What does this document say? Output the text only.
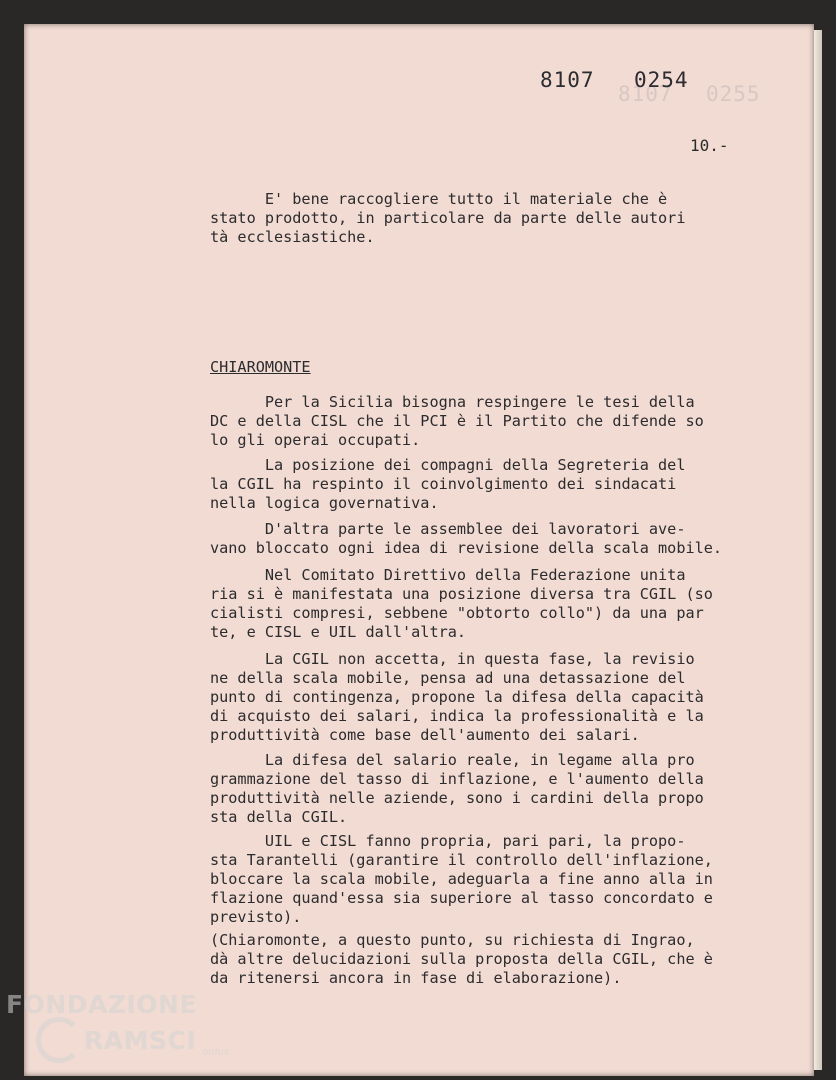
8107 0255
8107 0254
10.-
E' bene raccogliere tutto il materiale che è
stato prodotto, in particolare da parte delle autori
tà ecclesiastiche.
CHIAROMONTE
Per la Sicilia bisogna respingere le tesi della
DC e della CISL che il PCI è il Partito che difende so
lo gli operai occupati.
La posizione dei compagni della Segreteria del
la CGIL ha respinto il coinvolgimento dei sindacati
nella logica governativa.
D'altra parte le assemblee dei lavoratori ave-
vano bloccato ogni idea di revisione della scala mobile.
Nel Comitato Direttivo della Federazione unita
ria si è manifestata una posizione diversa tra CGIL (so
cialisti compresi, sebbene "obtorto collo") da una par
te, e CISL e UIL dall'altra.
La CGIL non accetta, in questa fase, la revisio
ne della scala mobile, pensa ad una detassazione del
punto di contingenza, propone la difesa della capacità
di acquisto dei salari, indica la professionalità e la
produttività come base dell'aumento dei salari.
La difesa del salario reale, in legame alla pro
grammazione del tasso di inflazione, e l'aumento della
produttività nelle aziende, sono i cardini della propo
sta della CGIL.
UIL e CISL fanno propria, pari pari, la propo-
sta Tarantelli (garantire il controllo dell'inflazione,
bloccare la scala mobile, adeguarla a fine anno alla in
flazione quand'essa sia superiore al tasso concordato e
previsto).
(Chiaromonte, a questo punto, su richiesta di Ingrao,
dà altre delucidazioni sulla proposta della CGIL, che è
da ritenersi ancora in fase di elaborazione).
FONDAZIONE
RAMSCI onlus
